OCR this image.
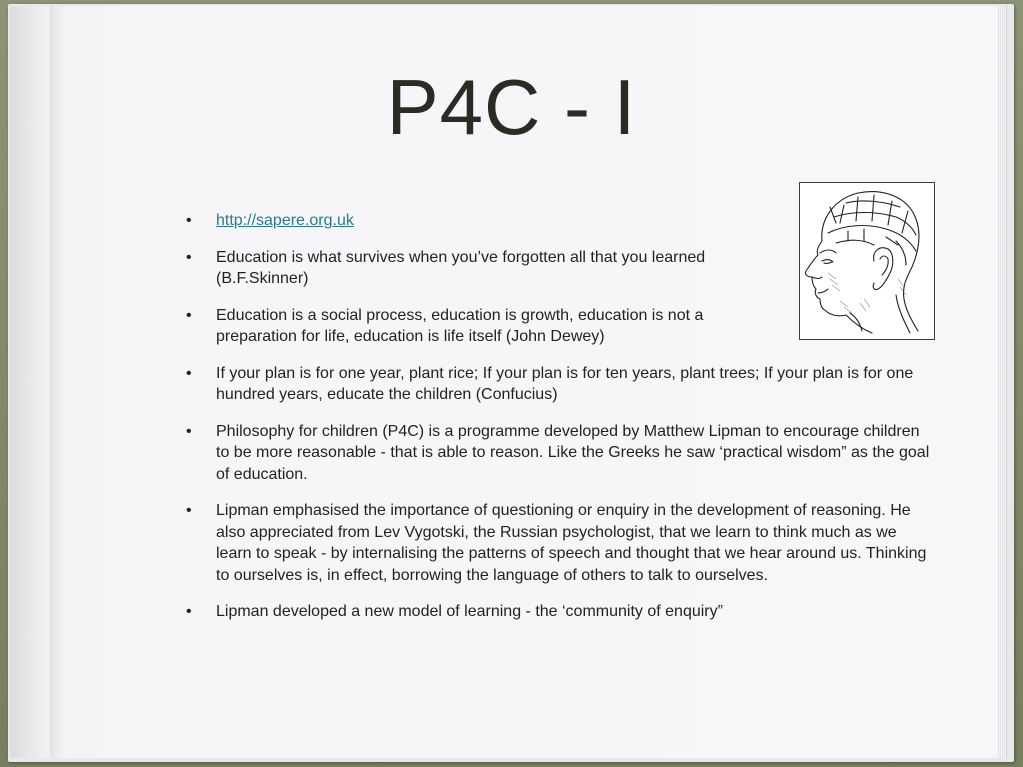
P4C - I
• http://sapere.org.uk
• Education is what survives when you’ve forgotten all that you learned (B.F.Skinner)
• Education is a social process, education is growth, education is not a preparation for life, education is life itself (John Dewey)
• If your plan is for one year, plant rice; If your plan is for ten years, plant trees; If your plan is for one hundred years, educate the children (Confucius)
• Philosophy for children (P4C) is a programme developed by Matthew Lipman to encourage children to be more reasonable - that is able to reason. Like the Greeks he saw ‘practical wisdom” as the goal of education.
• Lipman emphasised the importance of questioning or enquiry in the development of reasoning. He also appreciated from Lev Vygotski, the Russian psychologist, that we learn to think much as we learn to speak - by internalising the patterns of speech and thought that we hear around us. Thinking to ourselves is, in effect, borrowing the language of others to talk to ourselves.
• Lipman developed a new model of learning - the ‘community of enquiry”
